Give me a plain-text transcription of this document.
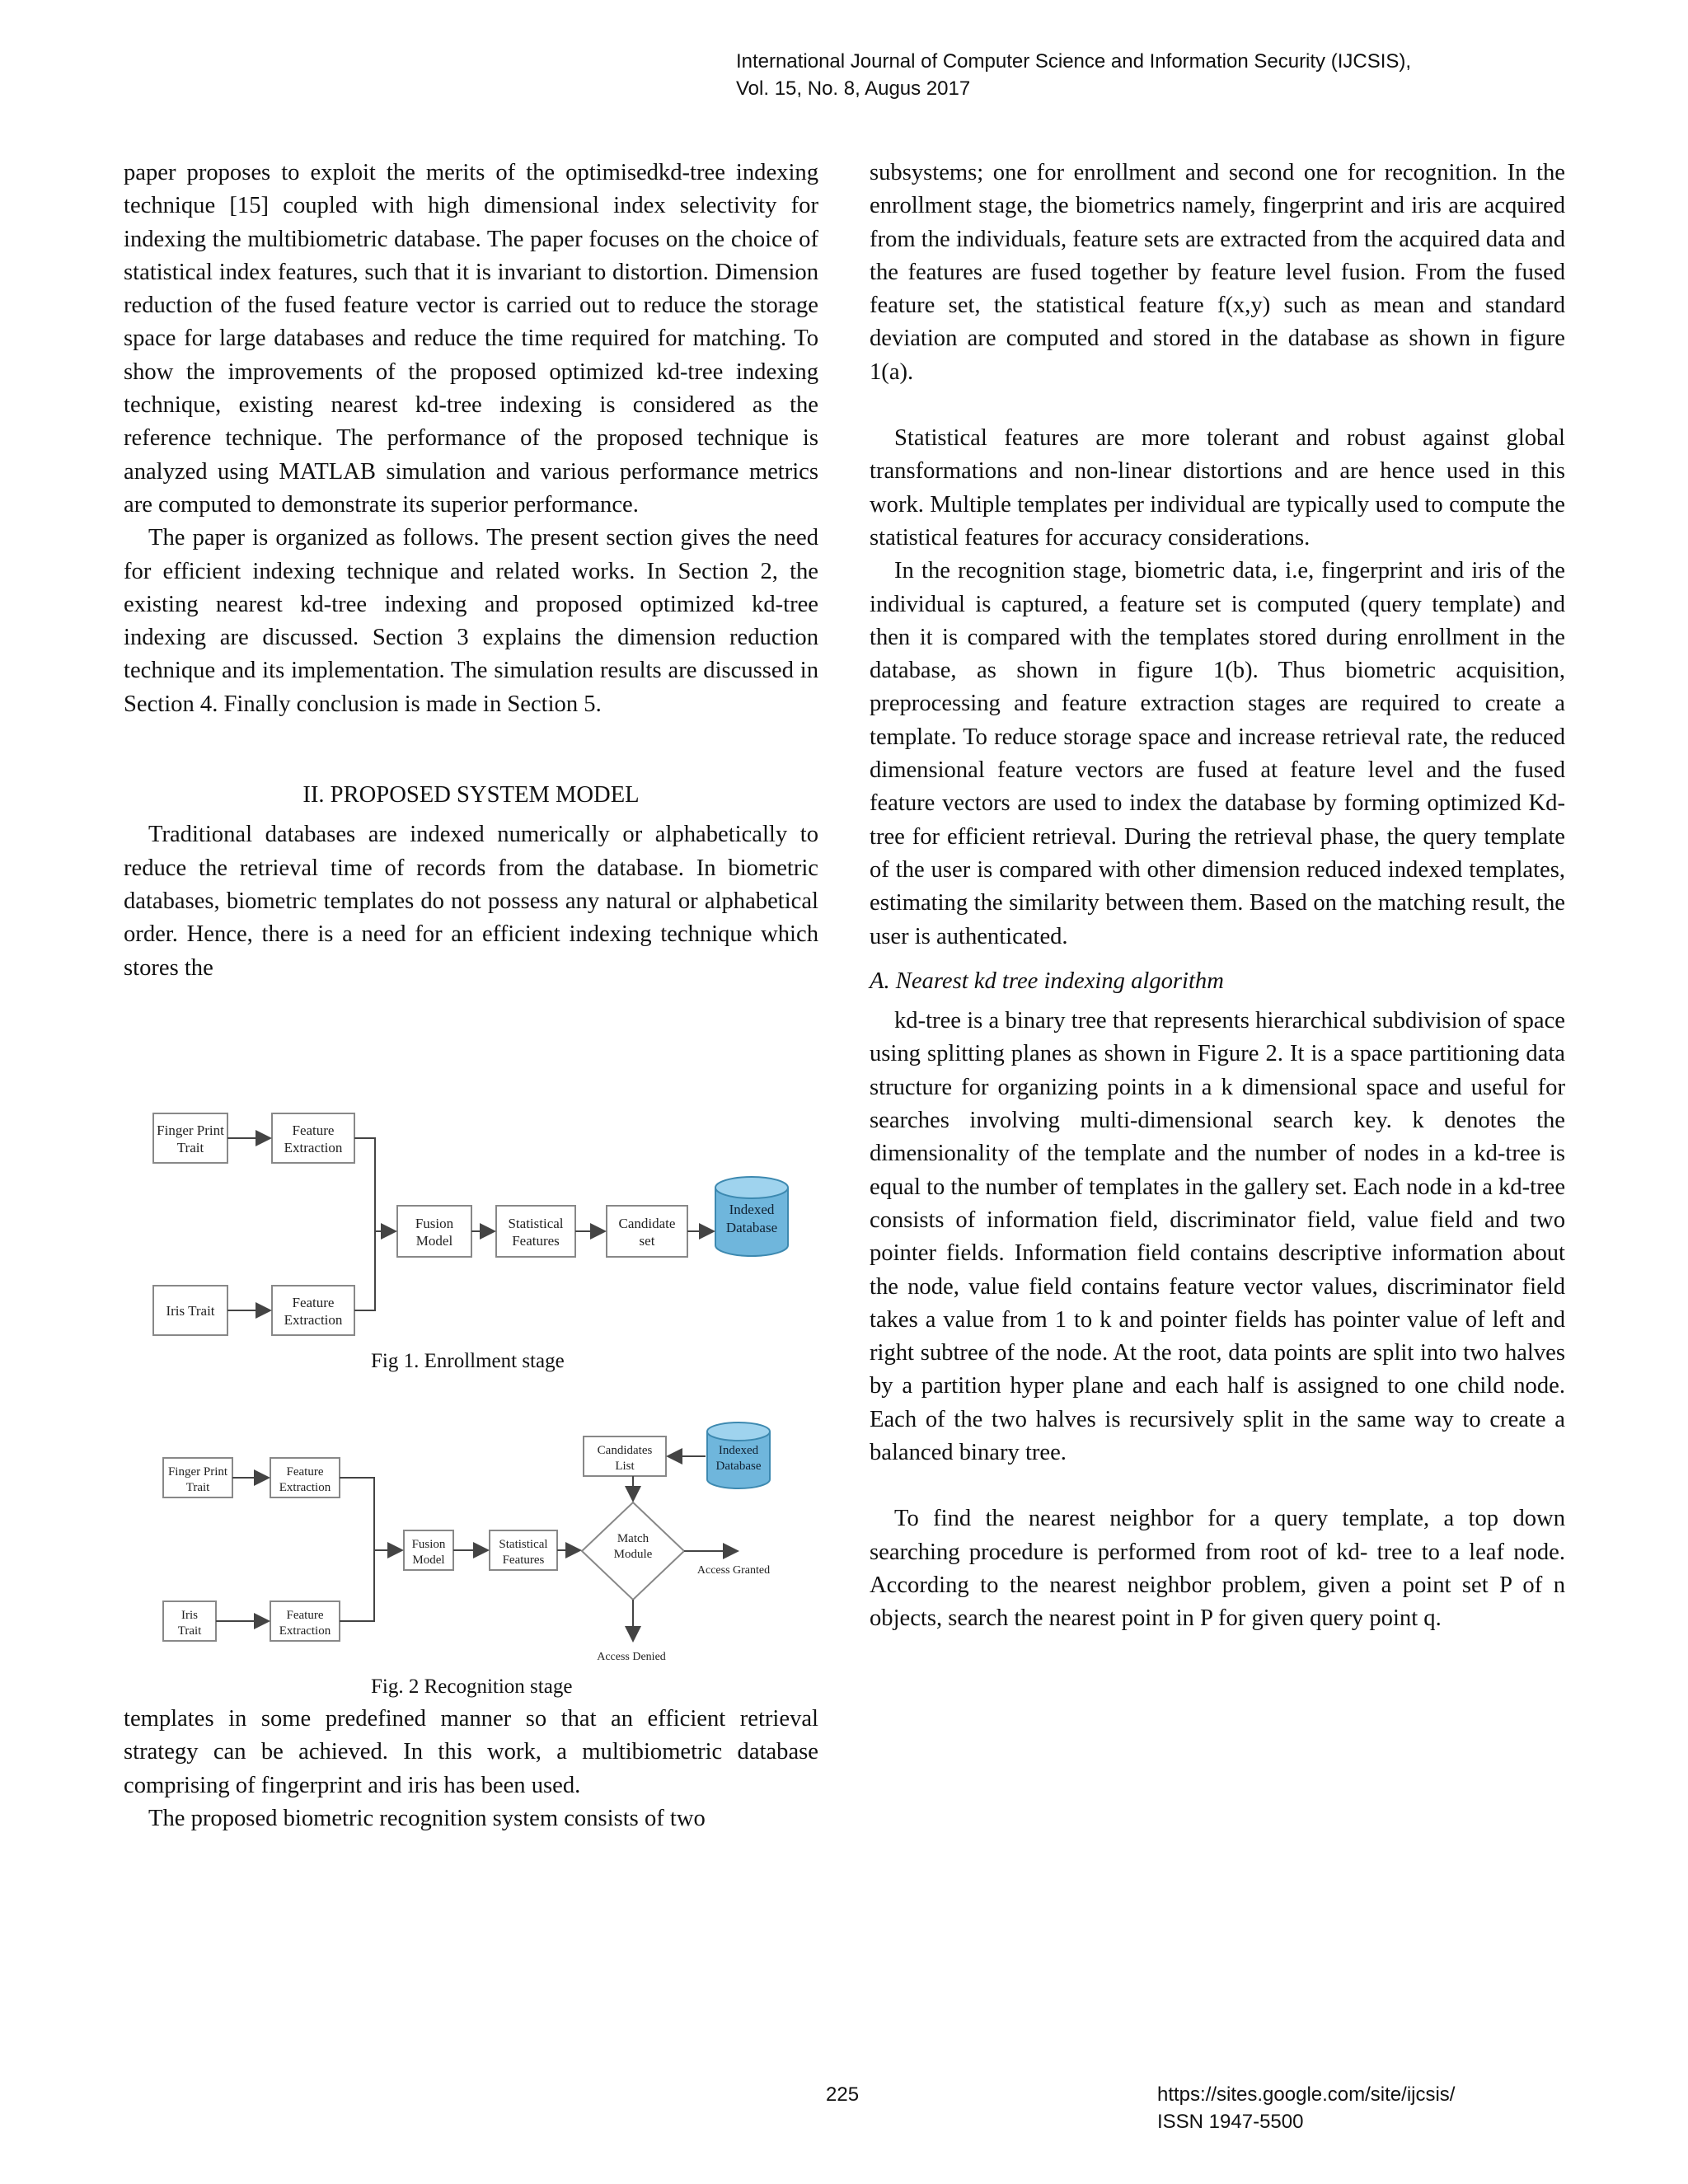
International Journal of Computer Science and Information Security (IJCSIS),
Vol. 15, No. 8, Augus 2017

paper proposes to exploit the merits of the optimisedkd-tree indexing technique [15] coupled with high dimensional index selectivity for indexing the multibiometric database. The paper focuses on the choice of statistical index features, such that it is invariant to distortion. Dimension reduction of the fused feature vector is carried out to reduce the storage space for large databases and reduce the time required for matching. To show the improvements of the proposed optimized kd-tree indexing technique, existing nearest kd-tree indexing is considered as the reference technique. The performance of the proposed technique is analyzed using MATLAB simulation and various performance metrics are computed to demonstrate its superior performance.

The paper is organized as follows. The present section gives the need for efficient indexing technique and related works. In Section 2, the existing nearest kd-tree indexing and proposed optimized kd-tree indexing are discussed. Section 3 explains the dimension reduction technique and its implementation. The simulation results are discussed in Section 4. Finally conclusion is made in Section 5.

II. PROPOSED SYSTEM MODEL

Traditional databases are indexed numerically or alphabetically to reduce the retrieval time of records from the database. In biometric databases, biometric templates do not possess any natural or alphabetical order. Hence, there is a need for an efficient indexing technique which stores the

Finger Print
Trait
Feature
Extraction
Iris Trait
Feature
Extraction
Fusion
Model
Statistical
Features
Candidate
set
Indexed
Database
Fig 1. Enrollment stage
Finger Print
Trait
Feature
Extraction
Iris
Trait
Feature
Extraction
Fusion
Model
Statistical
Features
Candidates
List
Indexed
Database
Match
Module
Access Granted
Access Denied
Fig. 2 Recognition stage

templates in some predefined manner so that an efficient retrieval strategy can be achieved. In this work, a multibiometric database comprising of fingerprint and iris has been used.

The proposed biometric recognition system consists of two

subsystems; one for enrollment and second one for recognition. In the enrollment stage, the biometrics namely, fingerprint and iris are acquired from the individuals, feature sets are extracted from the acquired data and the features are fused together by feature level fusion. From the fused feature set, the statistical feature f(x,y) such as mean and standard deviation are computed and stored in the database as shown in figure 1(a).

Statistical features are more tolerant and robust against global transformations and non-linear distortions and are hence used in this work. Multiple templates per individual are typically used to compute the statistical features for accuracy considerations.

In the recognition stage, biometric data, i.e, fingerprint and iris of the individual is captured, a feature set is computed (query template) and then it is compared with the templates stored during enrollment in the database, as shown in figure 1(b). Thus biometric acquisition, preprocessing and feature extraction stages are required to create a template. To reduce storage space and increase retrieval rate, the reduced dimensional feature vectors are fused at feature level and the fused feature vectors are used to index the database by forming optimized Kd-tree for efficient retrieval. During the retrieval phase, the query template of the user is compared with other dimension reduced indexed templates, estimating the similarity between them. Based on the matching result, the user is authenticated.

A. Nearest kd tree indexing algorithm

kd-tree is a binary tree that represents hierarchical subdivision of space using splitting planes as shown in Figure 2. It is a space partitioning data structure for organizing points in a k dimensional space and useful for searches involving multi-dimensional search key. k denotes the dimensionality of the template and the number of nodes in a kd-tree is equal to the number of templates in the gallery set. Each node in a kd-tree consists of information field, discriminator field, value field and two pointer fields. Information field contains descriptive information about the node, value field contains feature vector values, discriminator field takes a value from 1 to k and pointer fields has pointer value of left and right subtree of the node. At the root, data points are split into two halves by a partition hyper plane and each half is assigned to one child node. Each of the two halves is recursively split in the same way to create a balanced binary tree.

To find the nearest neighbor for a query template, a top down searching procedure is performed from root of kd- tree to a leaf node. According to the nearest neighbor problem, given a point set P of n objects, search the nearest point in P for given query point q.

225	https://sites.google.com/site/ijcsis/
ISSN 1947-5500
